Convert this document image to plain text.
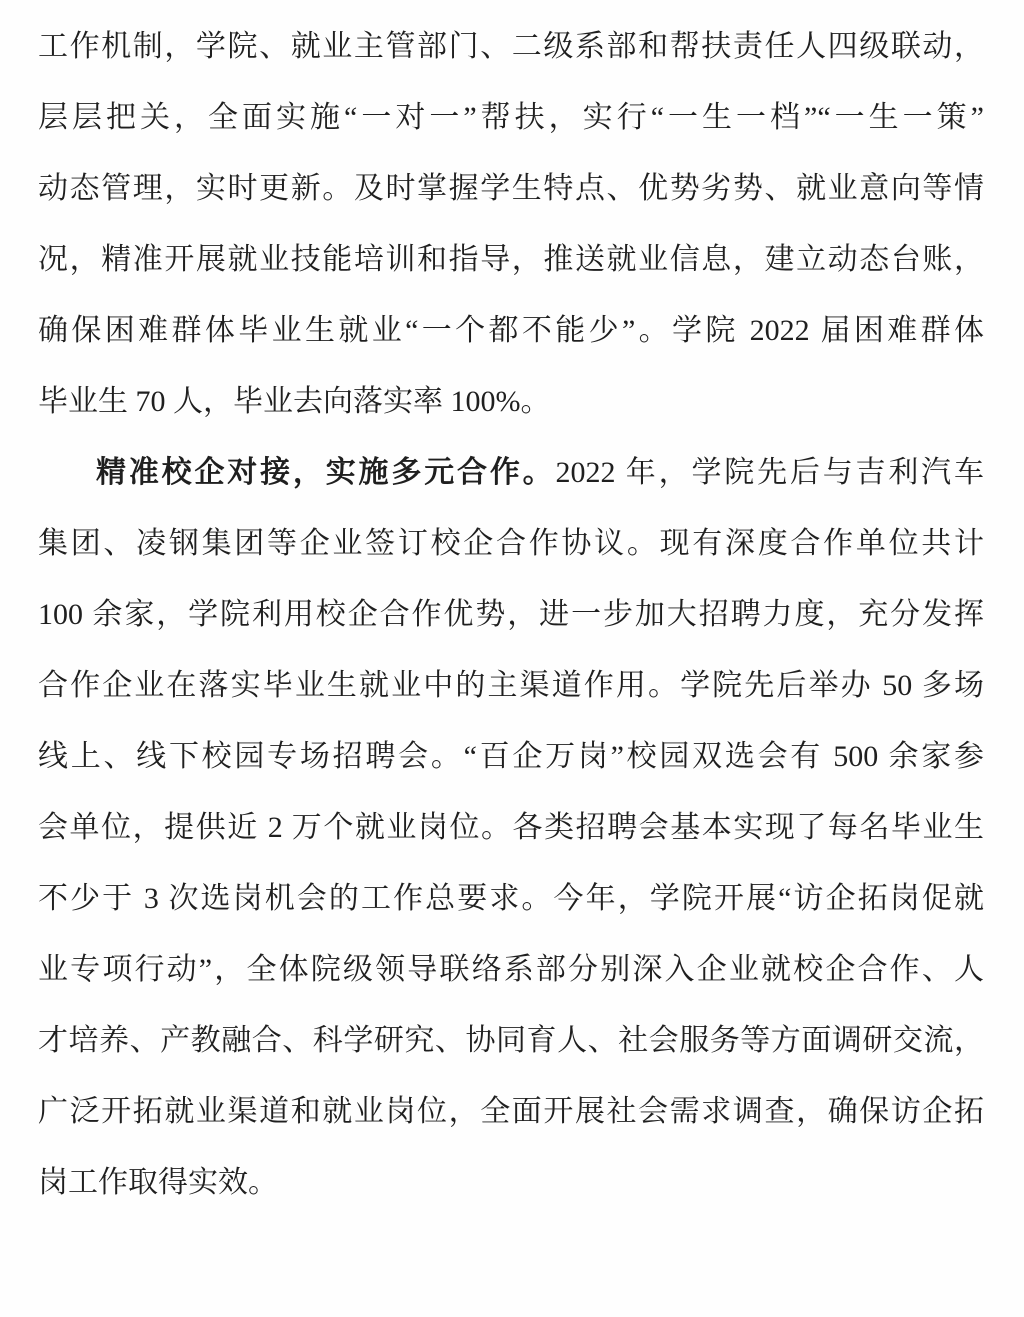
工作机制，学院、就业主管部门、二级系部和帮扶责任人四级联动，
层层把关，全面实施“一对一”帮扶，实行“一生一档”“一生一策”
动态管理，实时更新。及时掌握学生特点、优势劣势、就业意向等情
况，精准开展就业技能培训和指导，推送就业信息，建立动态台账，
确保困难群体毕业生就业“一个都不能少”。学院 2022 届困难群体
毕业生 70 人，毕业去向落实率 100%。
精准校企对接，实施多元合作。2022 年，学院先后与吉利汽车
集团、凌钢集团等企业签订校企合作协议。现有深度合作单位共计
100 余家，学院利用校企合作优势，进一步加大招聘力度，充分发挥
合作企业在落实毕业生就业中的主渠道作用。学院先后举办 50 多场
线上、线下校园专场招聘会。“百企万岗”校园双选会有 500 余家参
会单位，提供近 2 万个就业岗位。各类招聘会基本实现了每名毕业生
不少于 3 次选岗机会的工作总要求。今年，学院开展“访企拓岗促就
业专项行动”，全体院级领导联络系部分别深入企业就校企合作、人
才培养、产教融合、科学研究、协同育人、社会服务等方面调研交流，
广泛开拓就业渠道和就业岗位，全面开展社会需求调查，确保访企拓
岗工作取得实效。
